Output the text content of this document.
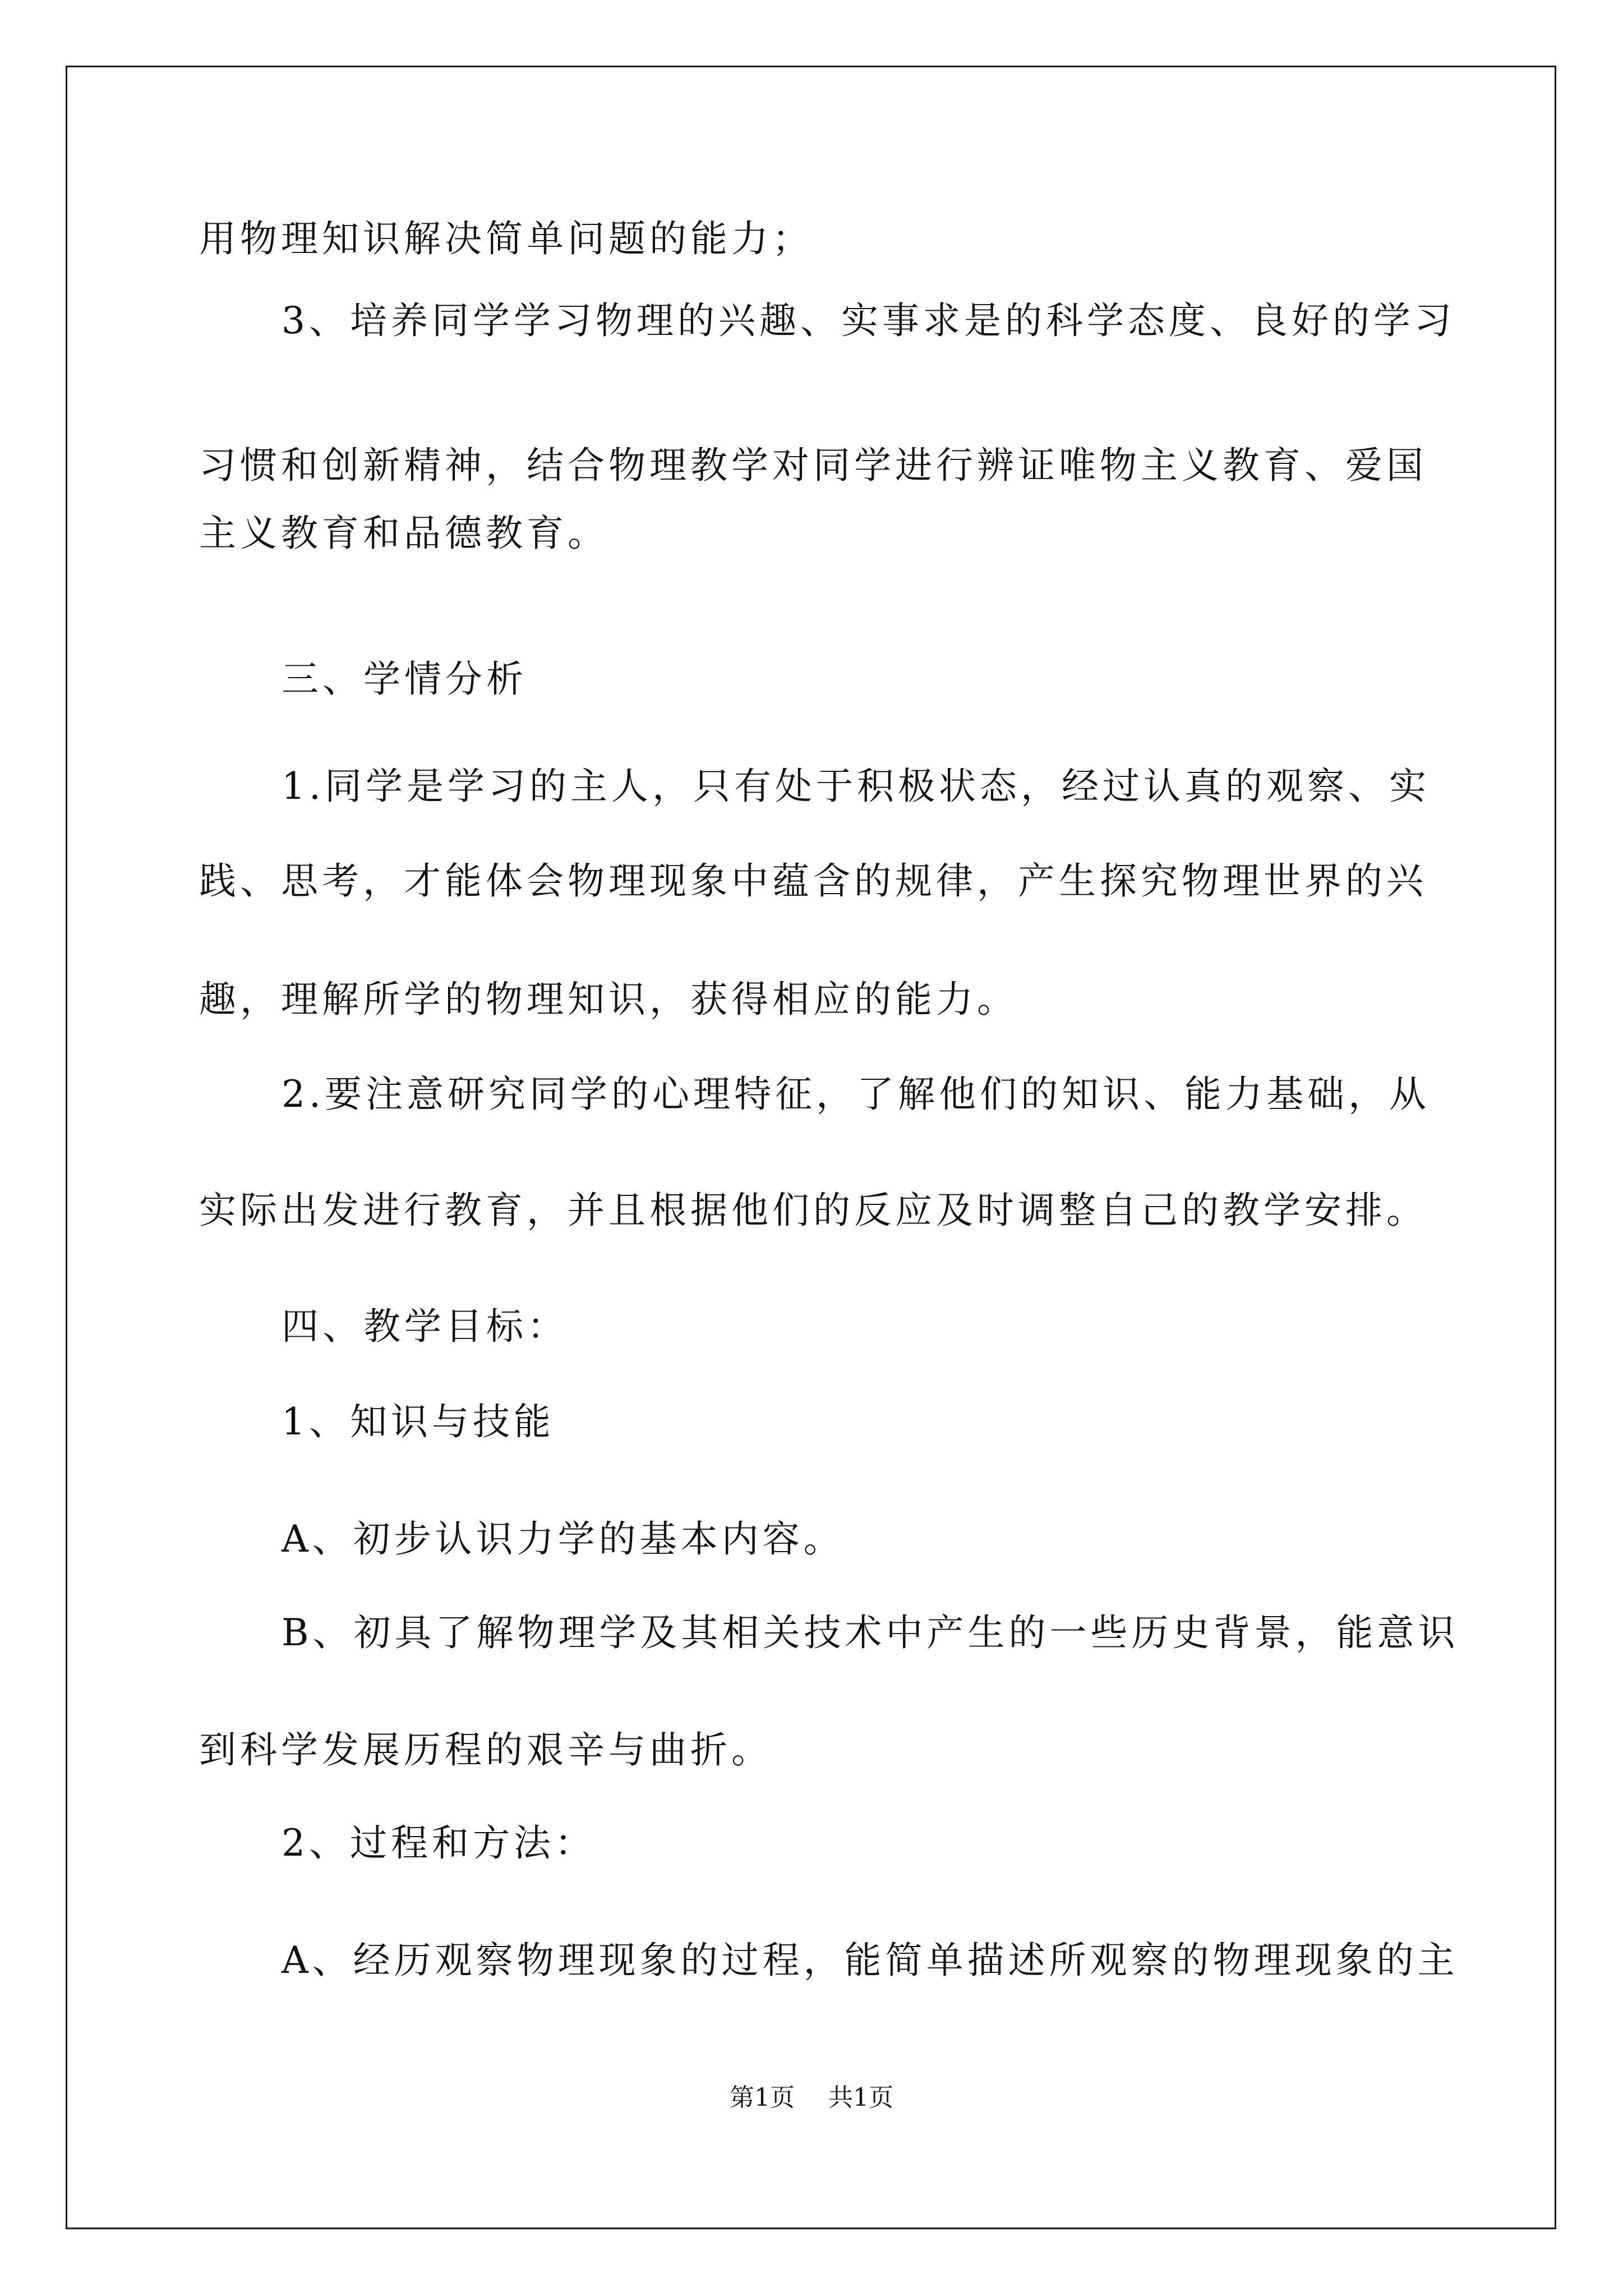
用物理知识解决简单问题的能力；
3、培养同学学习物理的兴趣、实事求是的科学态度、良好的学习
习惯和创新精神，结合物理教学对同学进行辨证唯物主义教育、爱国
主义教育和品德教育。
三、学情分析
1.同学是学习的主人，只有处于积极状态，经过认真的观察、实
践、思考，才能体会物理现象中蕴含的规律，产生探究物理世界的兴
趣，理解所学的物理知识，获得相应的能力。
2.要注意研究同学的心理特征，了解他们的知识、能力基础，从
实际出发进行教育，并且根据他们的反应及时调整自己的教学安排。
四、教学目标：
1、知识与技能
A、初步认识力学的基本内容。
B、初具了解物理学及其相关技术中产生的一些历史背景，能意识
到科学发展历程的艰辛与曲折。
2、过程和方法：
A、经历观察物理现象的过程，能简单描述所观察的物理现象的主
第1页 共1页
